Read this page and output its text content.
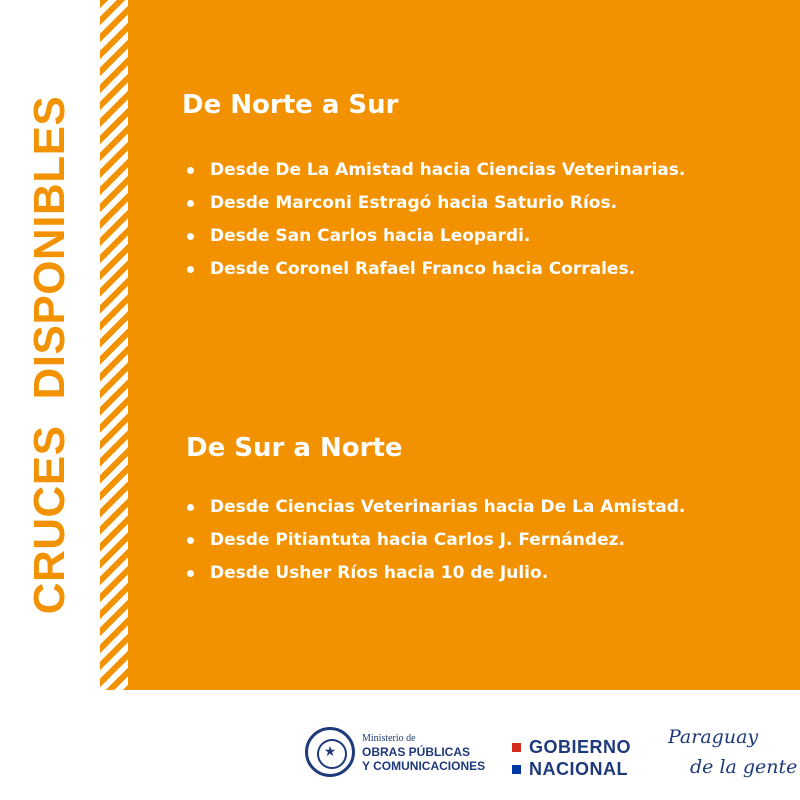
CRUCESDISPONIBLES	De Norte a Sur
Desde De La Amistad hacia Ciencias Veterinarias.
Desde Marconi Estragó hacia Saturio Ríos.
Desde San Carlos hacia Leopardi.
Desde Coronel Rafael Franco hacia Corrales.
De Sur a Norte
Desde Ciencias Veterinarias hacia De La Amistad.
Desde Pitiantuta hacia Carlos J. Fernández.
Desde Usher Ríos hacia 10 de Julio.
★
Ministerio de
OBRAS PÚBLICAS
Y COMUNICACIONES
GOBIERNO
NACIONAL
Paraguay
de la gente
